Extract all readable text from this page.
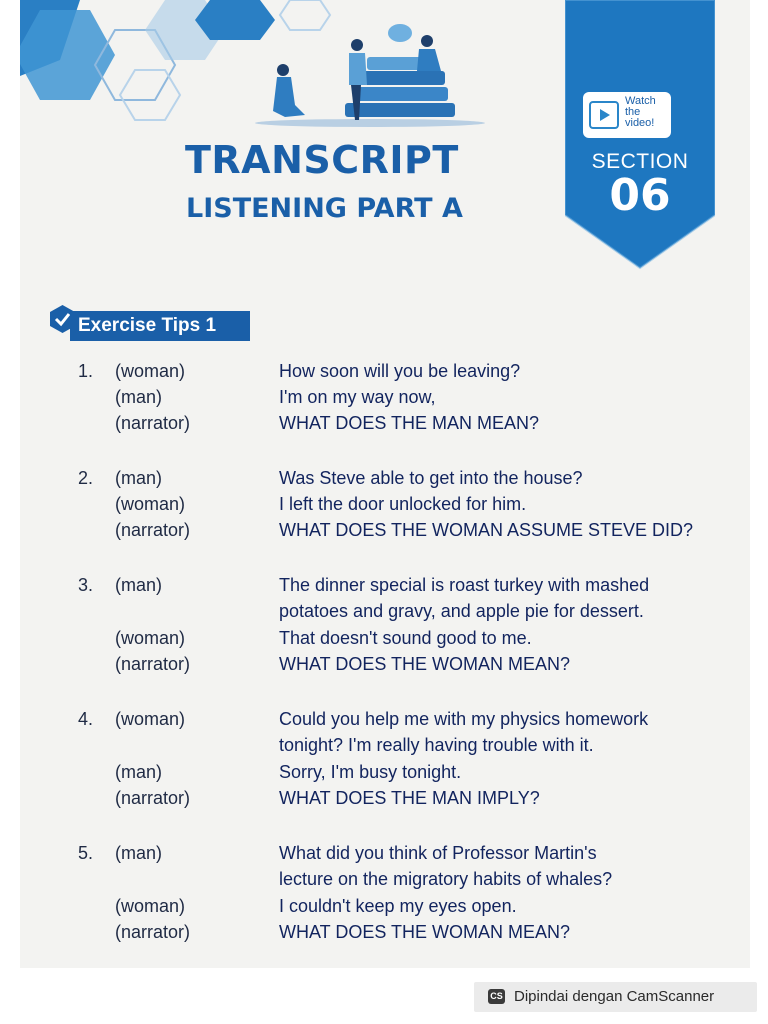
TRANSCRIPT
LISTENING PART A
Watch the video!
SECTION
06
Exercise Tips 1
1. (woman)	How soon will you be leaving?
(man)	I'm on my way now,
(narrator)	WHAT DOES THE MAN MEAN?
2. (man)	Was Steve able to get into the house?
(woman)	I left the door unlocked for him.
(narrator)	WHAT DOES THE WOMAN ASSUME STEVE DID?
3. (man)	The dinner special is roast turkey with mashed
potatoes and gravy, and apple pie for dessert.
(woman)	That doesn't sound good to me.
(narrator)	WHAT DOES THE WOMAN MEAN?
4. (woman)	Could you help me with my physics homework
tonight? I'm really having trouble with it.
(man)	Sorry, I'm busy tonight.
(narrator)	WHAT DOES THE MAN IMPLY?
5. (man)	What did you think of Professor Martin's
lecture on the migratory habits of whales?
(woman)	I couldn't keep my eyes open.
(narrator)	WHAT DOES THE WOMAN MEAN?
CS Dipindai dengan CamScanner
